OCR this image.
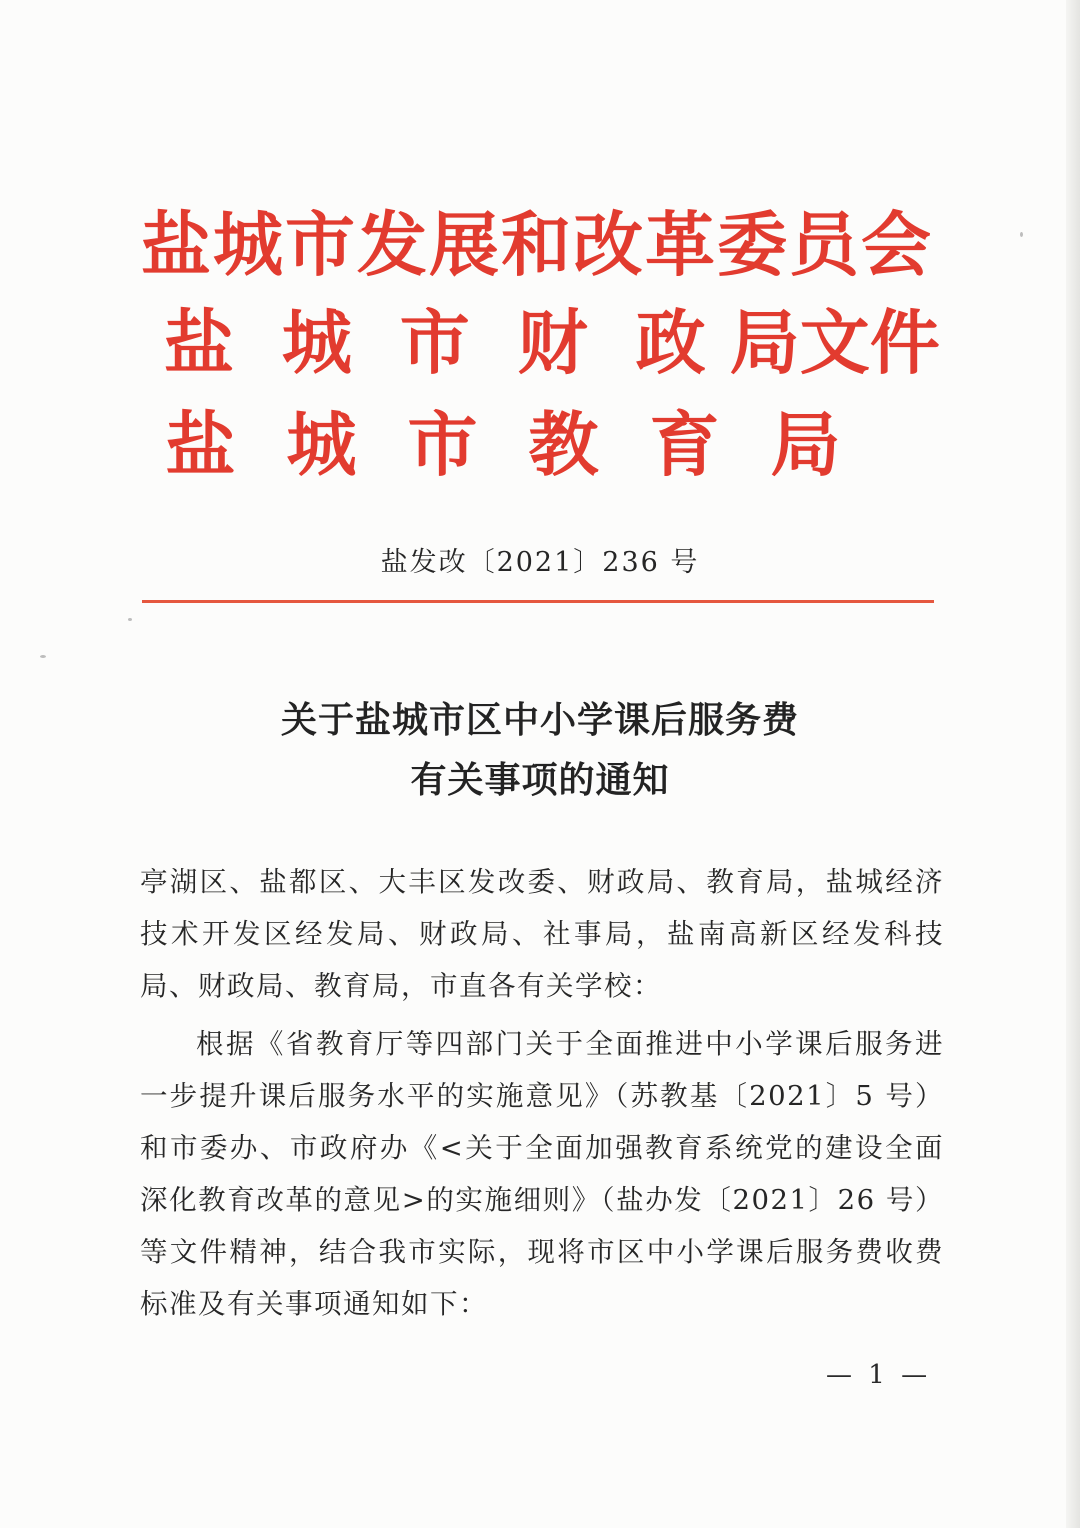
盐 城 市 发 展 和 改 革 委 员 会
盐 城 市 财 政 局 文 件
盐 城 市 教 育 局
盐发改〔2021〕236 号
关于盐城市区中小学课后服务费
有关事项的通知
亭湖区、盐都区、大丰区发改委、财政局、教育局，盐城经济技术开发区经发局、财政局、社事局，盐南高新区经发科技局、财政局、教育局，市直各有关学校：
根据《省教育厅等四部门关于全面推进中小学课后服务进一步提升课后服务水平的实施意见》（苏教基〔2021〕5 号）和市委办、市政府办《<关于全面加强教育系统党的建设全面深化教育改革的意见>的实施细则》（盐办发〔2021〕26 号）等文件精神，结合我市实际，现将市区中小学课后服务费收费标准及有关事项通知如下：
— 1 —
